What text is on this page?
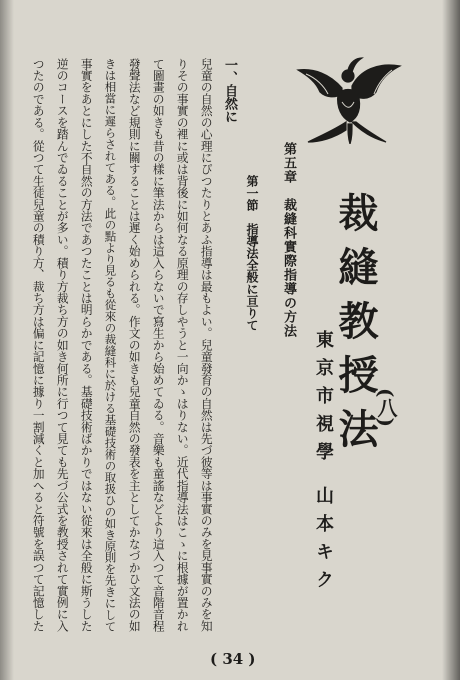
裁縫教授法
(八)
東京市視學 山本キク
第五章　裁縫科實際指導の方法
第一節　指導法全般に亘りて
一、自然に
兒童の自然の心理にぴつたりとあふ指導は最もよい。兒童發育の自然は先づ彼等は事實のみを見事實のみを知
りその事實の裡に或は背後に如何なる原理の存しやうと一向かゝはりない。近代指導法はこゝに根據が置かれ
て圖畫の如きも昔の樣に筆法からは這入らないで寫生から始めてゐる。音樂も童謠などより這入つて音階音程
發聲法など規則に關することは遲く始められる。作文の如きも兒童自然の發表を主としてかなづかひ文法の如
きは相當に遲らされてある。此の點より見るも從來の裁縫科に於ける基礎技術の取扱ひの如き原則を先きにして
事實をあとにした不自然の方法であつたことは明らかである。基礎技術ばかりではない從來は全般に斯うした
逆のコースを踏んでゐることが多い。積り方裁ち方の如き何所に行つて見ても先づ公式を教授されて實例に入
つたのである。從つて生徒兒童の積り方、裁ち方は偏に記憶に據り一割減くと加へると符號を誤つて記憶した
( 34 )
